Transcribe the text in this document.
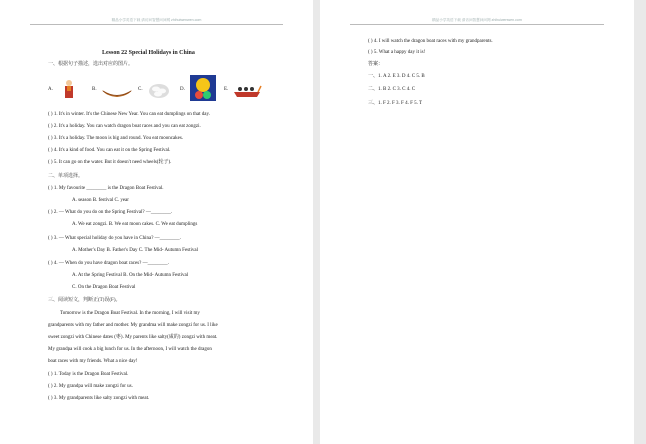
精品小学英语下载 请访问智慧问问网 zhihuiwenwen.com
Lesson 22 Special Holidays in China
一、根据句子描述，选出对应的图片。
A.	B.	C.	D.	E.
( ) 1. It's in winter. It's the Chinese New Year. You can eat dumplings on that day.
( ) 2. It's a holiday. You can watch dragon boat races and you can eat zongzi.
( ) 3. It's a holiday. The moon is big and round. You eat mooncakes.
( ) 4. It's a kind of food. You can eat it on the Spring Festival.
( ) 5. It can go on the water. But it doesn't need wheels(轮子).
二、单项选择。
( ) 1. My favourite ________ is the Dragon Boat Festival.
A. season B. festival C. year
( ) 2. — What do you do on the Spring Festival? —________.
A. We eat zongzi. B. We eat moon cakes. C. We eat dumplings
( ) 3. — What special holiday do you have in China? —________.
A. Mother's Day B. Father's Day C. The Mid- Autumn Festival
( ) 4. — When do you have dragon boat races? —________.
A. At the Spring Festival B. On the Mid- Autumn Festival
C. On the Dragon Boat Festival
三、阅读短文，判断正(T)误(F)。
Tomorrow is the Dragon Boat Festival. In the morning, I will visit my
grandparents with my father and mother. My grandma will make zongzi for us. I like
sweet zongzi with Chinese dates (枣). My parents like salty(咸的) zongzi with meat.
My grandpa will cook a big lunch for us. In the afternoon, I will watch the dragon
boat races with my friends. What a nice day!
( ) 1. Today is the Dragon Boat Festival.
( ) 2. My grandpa will make zongzi for us.
( ) 3. My grandparents like salty zongzi with meat.
精品小学英语下载 请访问智慧问问网 zhihuiwenwen.com
( ) 4. I will watch the dragon boat races with my grandparents.
( ) 5. What a happy day it is!
答案：
一、1. A 2. E 3. D 4. C 5. B
二、1. B 2. C 3. C 4. C
三、1. F 2. F 3. F 4. F 5. T
